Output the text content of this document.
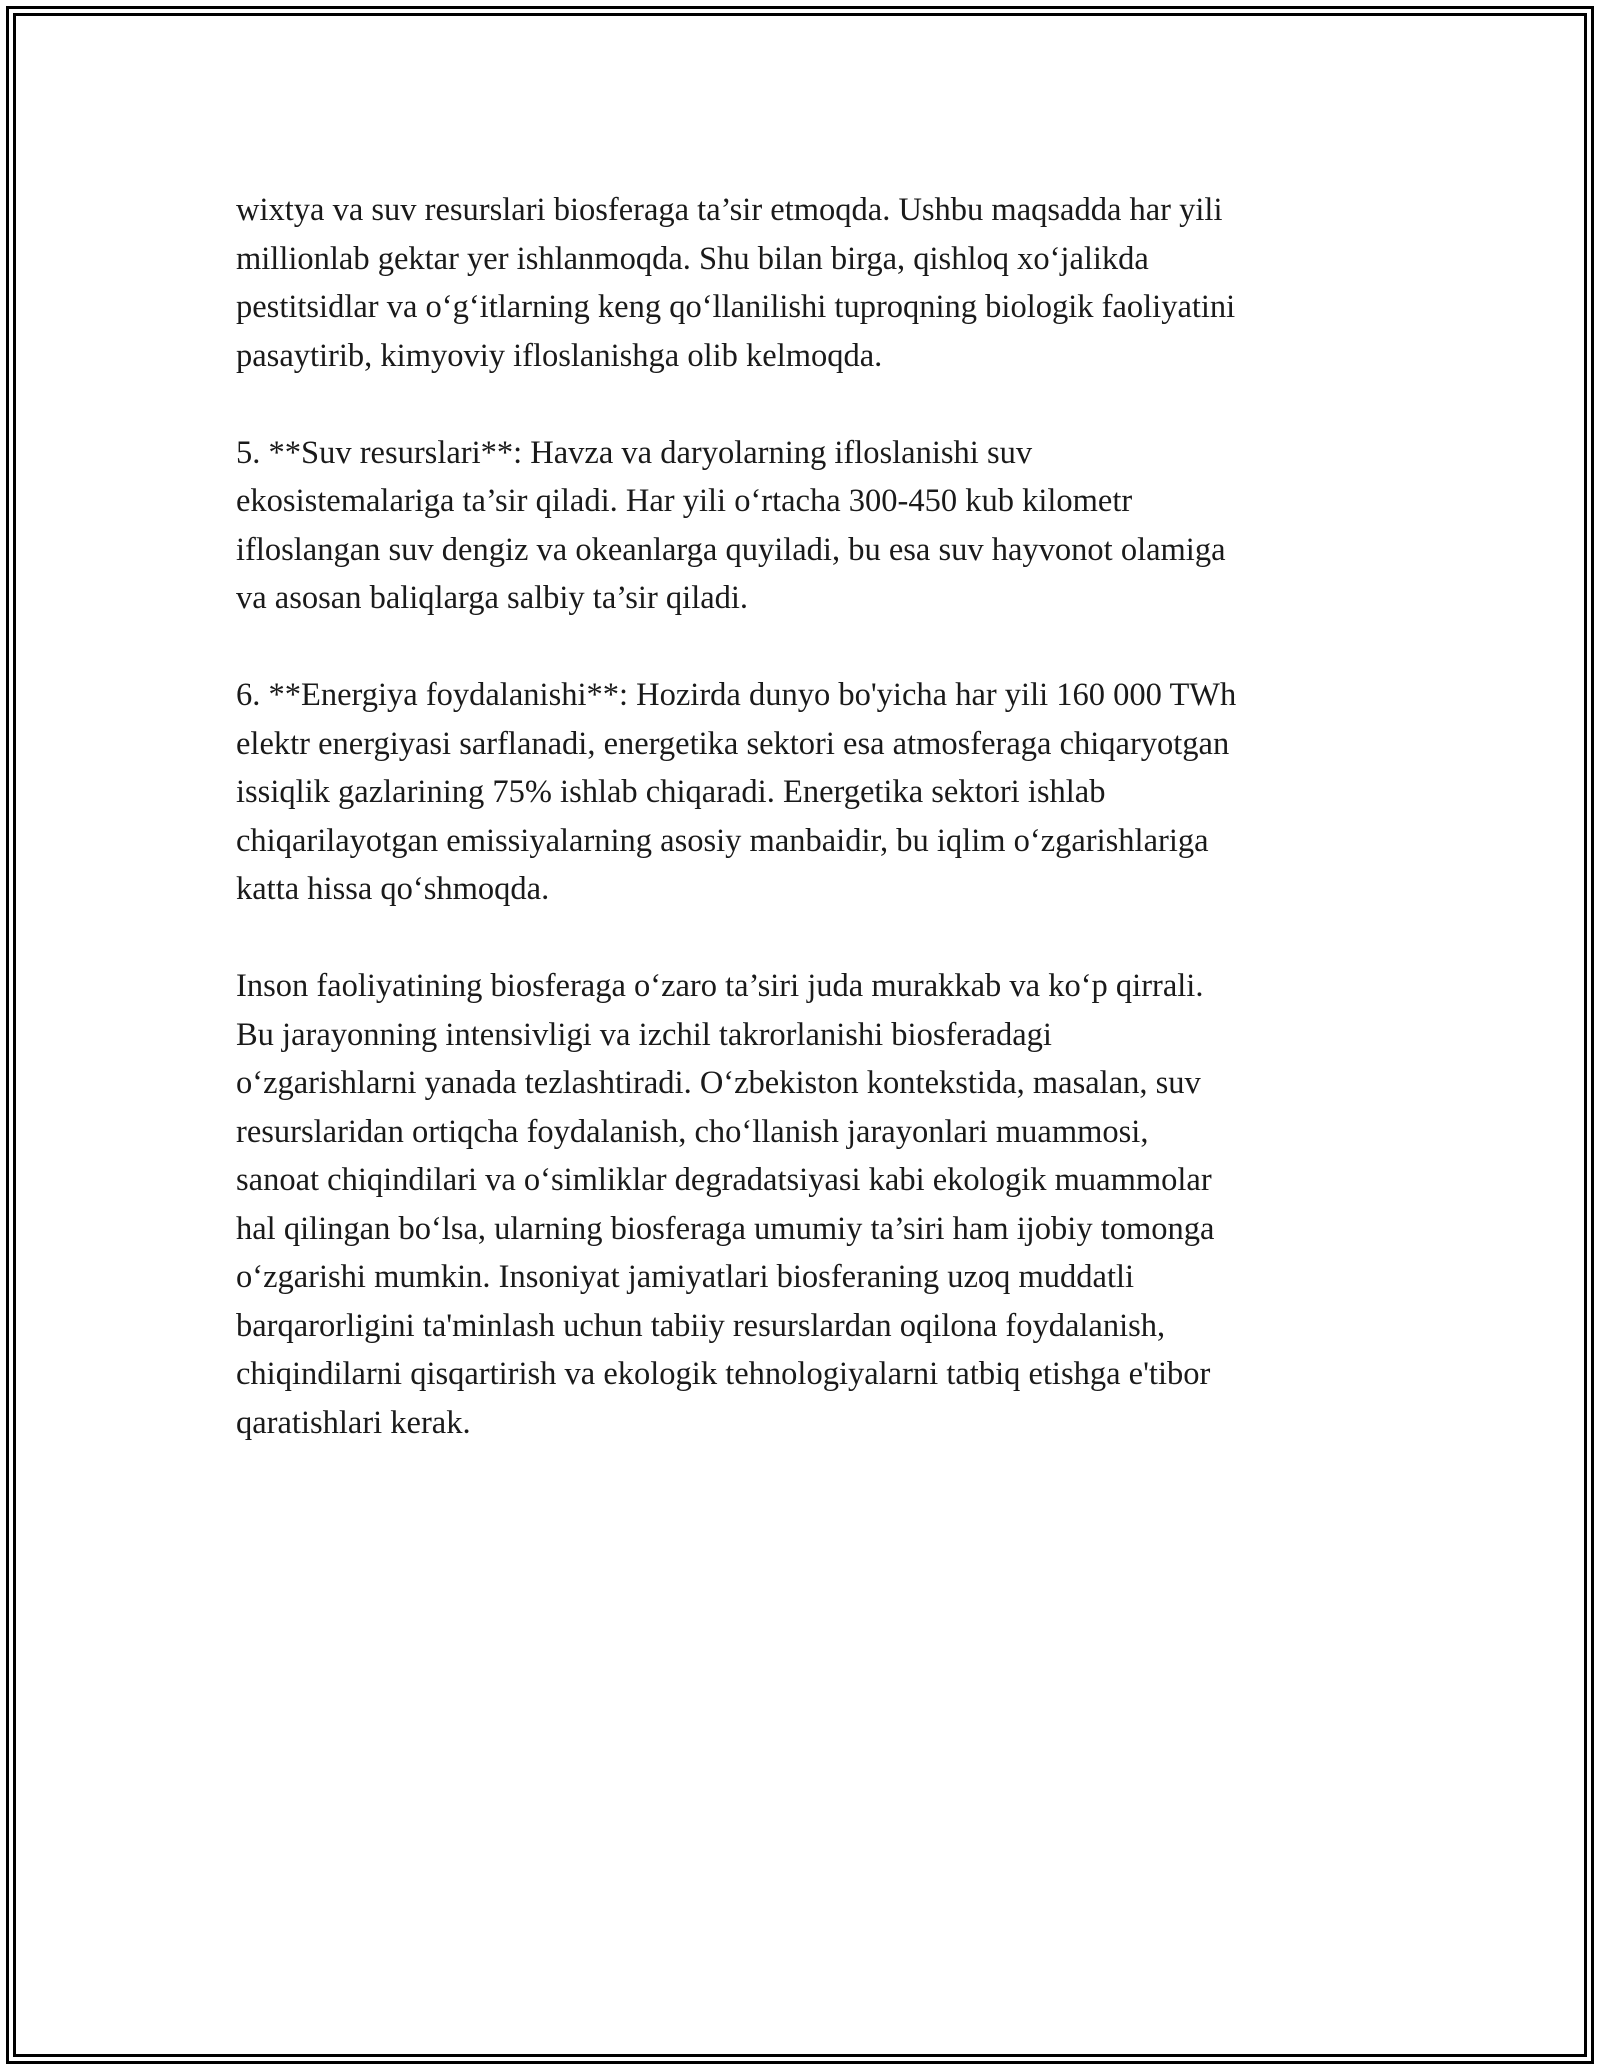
wixtya va suv resurslari biosferaga ta’sir etmoqda. Ushbu maqsadda har yili
millionlab gektar yer ishlanmoqda. Shu bilan birga, qishloq xo‘jalikda
pestitsidlar va o‘g‘itlarning keng qo‘llanilishi tuproqning biologik faoliyatini
pasaytirib, kimyoviy ifloslanishga olib kelmoqda.

5. **Suv resurslari**: Havza va daryolarning ifloslanishi suv
ekosistemalariga ta’sir qiladi. Har yili o‘rtacha 300-450 kub kilometr
ifloslangan suv dengiz va okeanlarga quyiladi, bu esa suv hayvonot olamiga
va asosan baliqlarga salbiy ta’sir qiladi.

6. **Energiya foydalanishi**: Hozirda dunyo bo'yicha har yili 160 000 TWh
elektr energiyasi sarflanadi, energetika sektori esa atmosferaga chiqaryotgan
issiqlik gazlarining 75% ishlab chiqaradi. Energetika sektori ishlab
chiqarilayotgan emissiyalarning asosiy manbaidir, bu iqlim o‘zgarishlariga
katta hissa qo‘shmoqda.

Inson faoliyatining biosferaga o‘zaro ta’siri juda murakkab va ko‘p qirrali.
Bu jarayonning intensivligi va izchil takrorlanishi biosferadagi
o‘zgarishlarni yanada tezlashtiradi. O‘zbekiston kontekstida, masalan, suv
resurslaridan ortiqcha foydalanish, cho‘llanish jarayonlari muammosi,
sanoat chiqindilari va o‘simliklar degradatsiyasi kabi ekologik muammolar
hal qilingan bo‘lsa, ularning biosferaga umumiy ta’siri ham ijobiy tomonga
o‘zgarishi mumkin. Insoniyat jamiyatlari biosferaning uzoq muddatli
barqarorligini ta'minlash uchun tabiiy resurslardan oqilona foydalanish,
chiqindilarni qisqartirish va ekologik tehnologiyalarni tatbiq etishga e'tibor
qaratishlari kerak.
